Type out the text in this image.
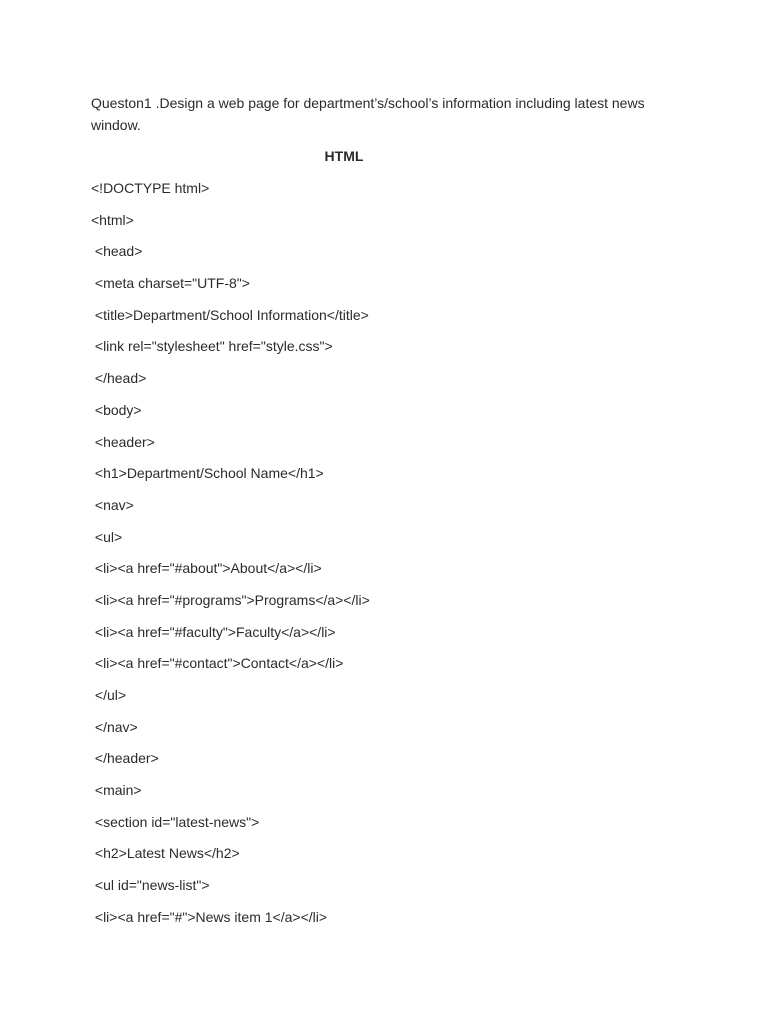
Queston1 .Design a web page for department’s/school’s information including latest news window.

HTML

<!DOCTYPE html>
<html>
<head>
<meta charset="UTF-8">
<title>Department/School Information</title>
<link rel="stylesheet" href="style.css">
</head>
<body>
<header>
<h1>Department/School Name</h1>
<nav>
<ul>
<li><a href="#about">About</a></li>
<li><a href="#programs">Programs</a></li>
<li><a href="#faculty">Faculty</a></li>
<li><a href="#contact">Contact</a></li>
</ul>
</nav>
</header>
<main>
<section id="latest-news">
<h2>Latest News</h2>
<ul id="news-list">
<li><a href="#">News item 1</a></li>
